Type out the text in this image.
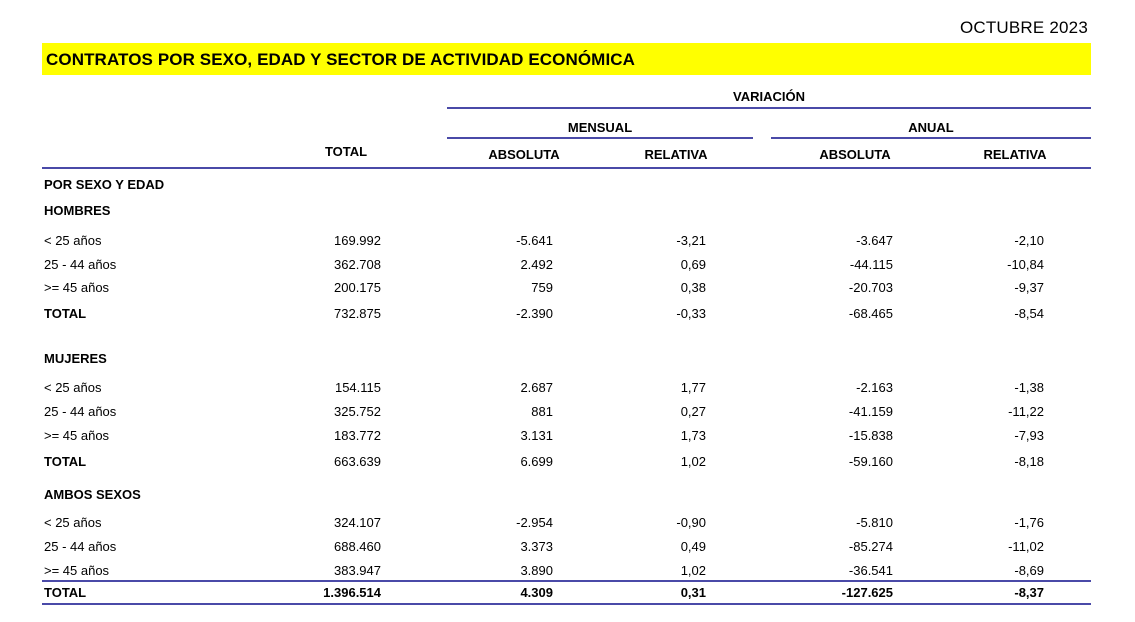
OCTUBRE 2023
CONTRATOS POR SEXO, EDAD Y SECTOR DE ACTIVIDAD ECONÓMICA
VARIACIÓN
MENSUAL	ANUAL
TOTAL	ABSOLUTA	RELATIVA	ABSOLUTA	RELATIVA
POR SEXO Y EDAD
HOMBRES
< 25 años	169.992	-5.641	-3,21	-3.647	-2,10
25 - 44 años	362.708	2.492	0,69	-44.115	-10,84
>= 45 años	200.175	759	0,38	-20.703	-9,37
TOTAL	732.875	-2.390	-0,33	-68.465	-8,54
MUJERES
< 25 años	154.115	2.687	1,77	-2.163	-1,38
25 - 44 años	325.752	881	0,27	-41.159	-11,22
>= 45 años	183.772	3.131	1,73	-15.838	-7,93
TOTAL	663.639	6.699	1,02	-59.160	-8,18
AMBOS SEXOS
< 25 años	324.107	-2.954	-0,90	-5.810	-1,76
25 - 44 años	688.460	3.373	0,49	-85.274	-11,02
>= 45 años	383.947	3.890	1,02	-36.541	-8,69
TOTAL	1.396.514	4.309	0,31	-127.625	-8,37
